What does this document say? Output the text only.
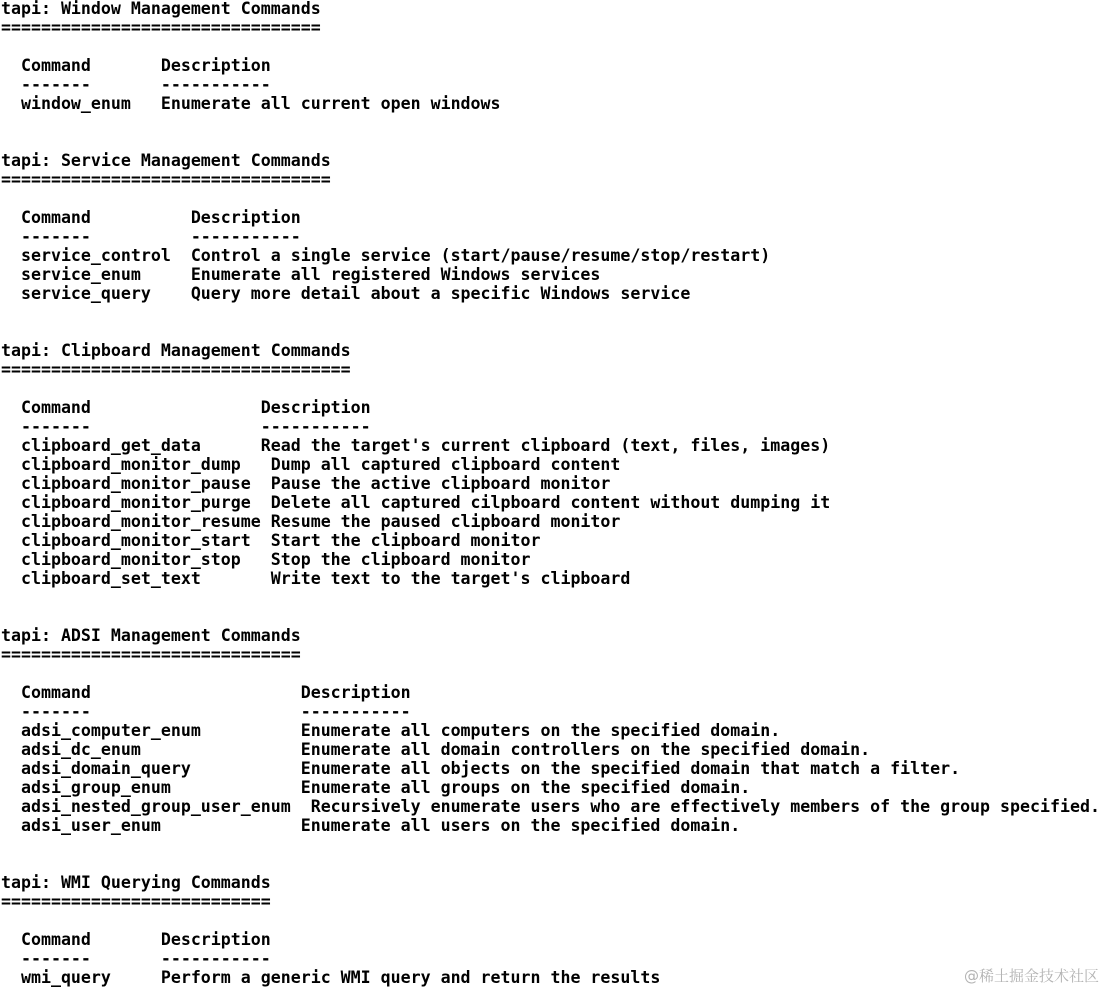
tapi: Window Management Commands
================================

Command       Description
-------       -----------
window_enum   Enumerate all current open windows

tapi: Service Management Commands
=================================

Command          Description
-------          -----------
service_control  Control a single service (start/pause/resume/stop/restart)
service_enum     Enumerate all registered Windows services
service_query    Query more detail about a specific Windows service

tapi: Clipboard Management Commands
===================================

Command                 Description
-------                 -----------
clipboard_get_data      Read the target's current clipboard (text, files, images)
clipboard_monitor_dump   Dump all captured clipboard content
clipboard_monitor_pause  Pause the active clipboard monitor
clipboard_monitor_purge  Delete all captured cilpboard content without dumping it
clipboard_monitor_resume Resume the paused clipboard monitor
clipboard_monitor_start  Start the clipboard monitor
clipboard_monitor_stop   Stop the clipboard monitor
clipboard_set_text       Write text to the target's clipboard

tapi: ADSI Management Commands
==============================

Command                     Description
-------                     -----------
adsi_computer_enum          Enumerate all computers on the specified domain.
adsi_dc_enum                Enumerate all domain controllers on the specified domain.
adsi_domain_query           Enumerate all objects on the specified domain that match a filter.
adsi_group_enum             Enumerate all groups on the specified domain.
adsi_nested_group_user_enum  Recursively enumerate users who are effectively members of the group specified.
adsi_user_enum              Enumerate all users on the specified domain.

tapi: WMI Querying Commands
===========================

Command       Description
-------       -----------
wmi_query     Perform a generic WMI query and return the results	@稀土掘金技术社区
